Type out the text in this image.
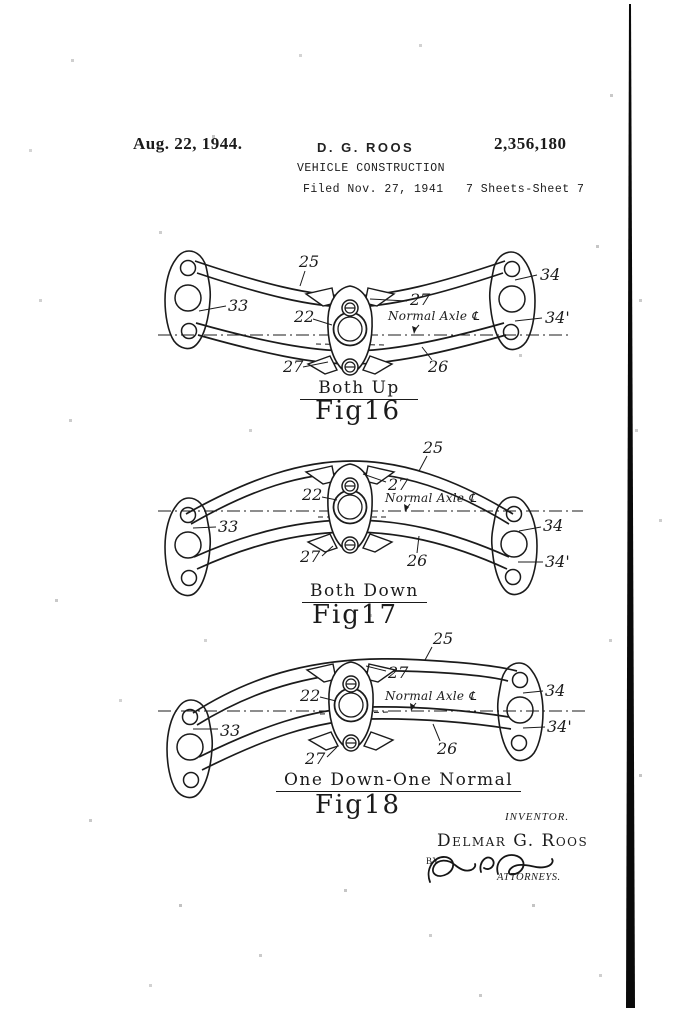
Aug. 22, 1944.	D. G. ROOS	2,356,180
VEHICLE CONSTRUCTION
Filed Nov. 27, 1941 7 Sheets-Sheet 7
25
27
22	Normal Axle ℄
33
34
34'
27	26
Both Up
Fig16
25
27
22	Normal Axle ℄
33	34
34'
27	26
Both Down
Fig17
25
27
22	Normal Axle ℄	34
34'
33
27
26
One Down-One Normal
Fig18	INVENTOR.
Delmar G. Roos
BY
ATTORNEYS.
